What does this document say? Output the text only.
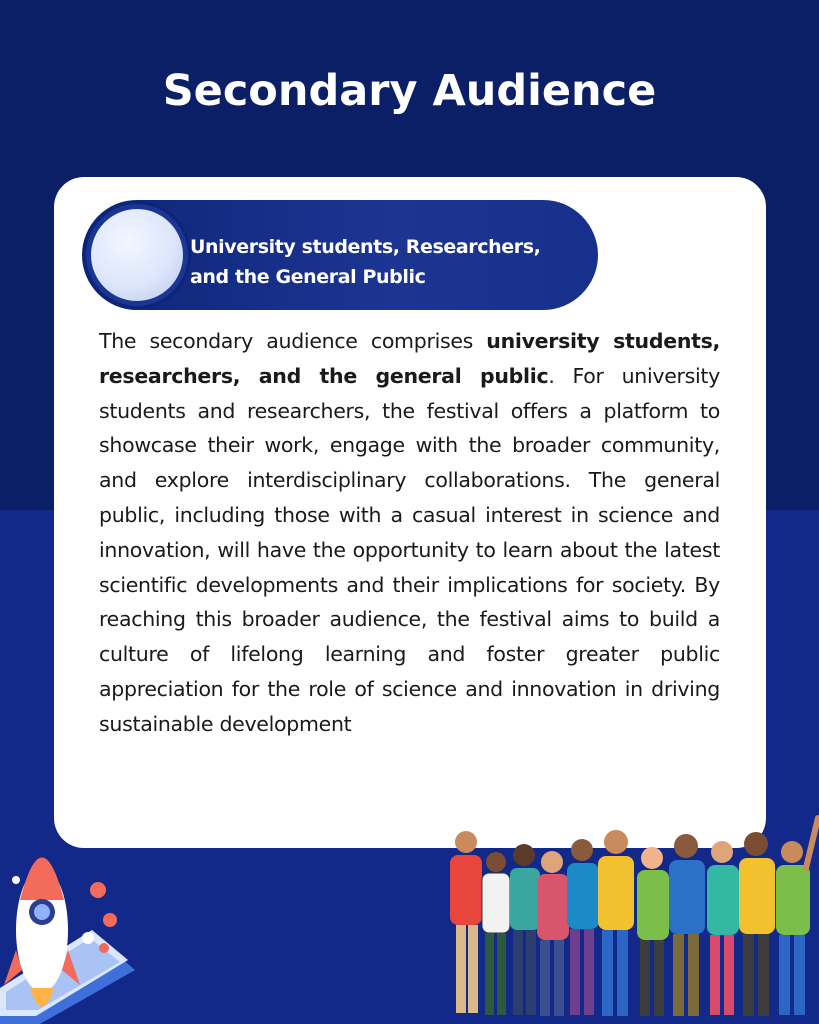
Secondary Audience
University students, Researchers,
and the General Public

The secondary audience comprises university students, researchers, and the general public. For university students and researchers, the festival offers a platform to showcase their work, engage with the broader community, and explore interdisciplinary collaborations. The general public, including those with a casual interest in science and innovation, will have the opportunity to learn about the latest scientific developments and their implications for society. By reaching this broader audience, the festival aims to build a culture of lifelong learning and foster greater public appreciation for the role of science and innovation in driving sustainable development
